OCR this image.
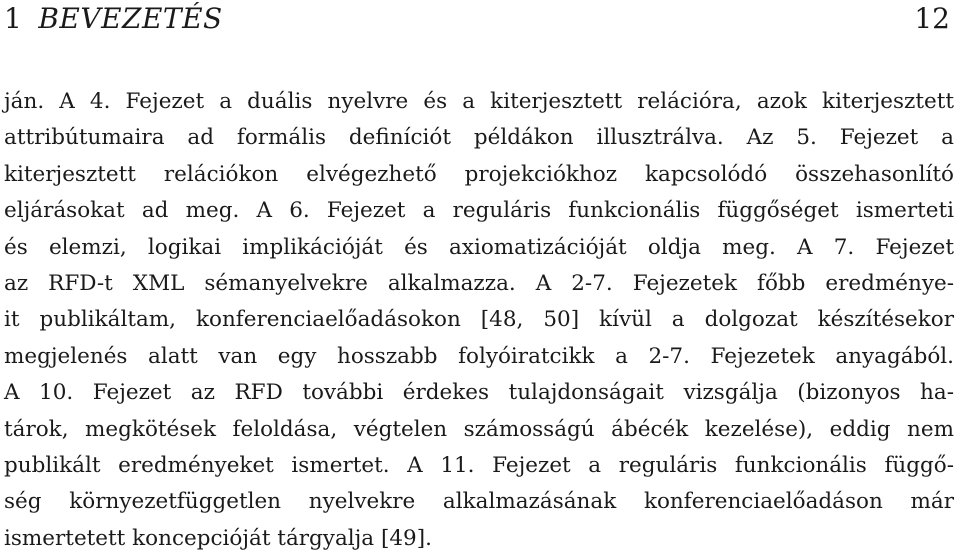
1 BEVEZETÉS	12
ján. A 4. Fejezet a duális nyelvre és a kiterjesztett relációra, azok kiterjesztett
attribútumaira ad formális definíciót példákon illusztrálva. Az 5. Fejezet a
kiterjesztett relációkon elvégezhető projekciókhoz kapcsolódó összehasonlító
eljárásokat ad meg. A 6. Fejezet a reguláris funkcionális függőséget ismerteti
és elemzi, logikai implikációját és axiomatizációját oldja meg. A 7. Fejezet
az RFD-t XML sémanyelvekre alkalmazza. A 2-7. Fejezetek főbb eredménye-
it publikáltam, konferenciaelőadásokon [48, 50] kívül a dolgozat készítésekor
megjelenés alatt van egy hosszabb folyóiratcikk a 2-7. Fejezetek anyagából.
A 10. Fejezet az RFD további érdekes tulajdonságait vizsgálja (bizonyos ha-
tárok, megkötések feloldása, végtelen számosságú ábécék kezelése), eddig nem
publikált eredményeket ismertet. A 11. Fejezet a reguláris funkcionális függő-
ség környezetfüggetlen nyelvekre alkalmazásának konferenciaelőadáson már
ismertetett koncepcióját tárgyalja [49].
